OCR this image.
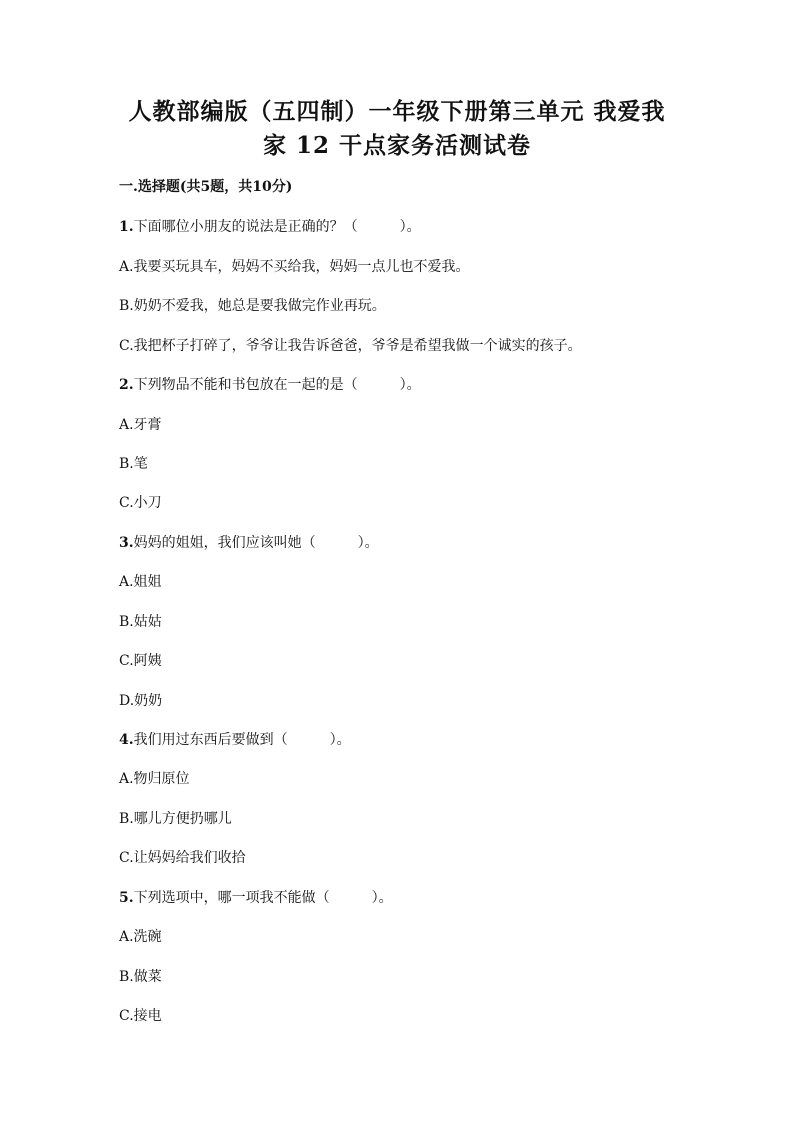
人教部编版（五四制）一年级下册第三单元 我爱我
家 12 干点家务活测试卷
一.选择题(共5题，共10分)
1.下面哪位小朋友的说法是正确的？（	）。
A.我要买玩具车，妈妈不买给我，妈妈一点儿也不爱我。
B.奶奶不爱我，她总是要我做完作业再玩。
C.我把杯子打碎了，爷爷让我告诉爸爸，爷爷是希望我做一个诚实的孩子。
2.下列物品不能和书包放在一起的是（	）。
A.牙膏
B.笔
C.小刀
3.妈妈的姐姐，我们应该叫她（	）。
A.姐姐
B.姑姑
C.阿姨
D.奶奶
4.我们用过东西后要做到（	）。
A.物归原位
B.哪儿方便扔哪儿
C.让妈妈给我们收拾
5.下列选项中，哪一项我不能做（	）。
A.洗碗
B.做菜
C.接电
